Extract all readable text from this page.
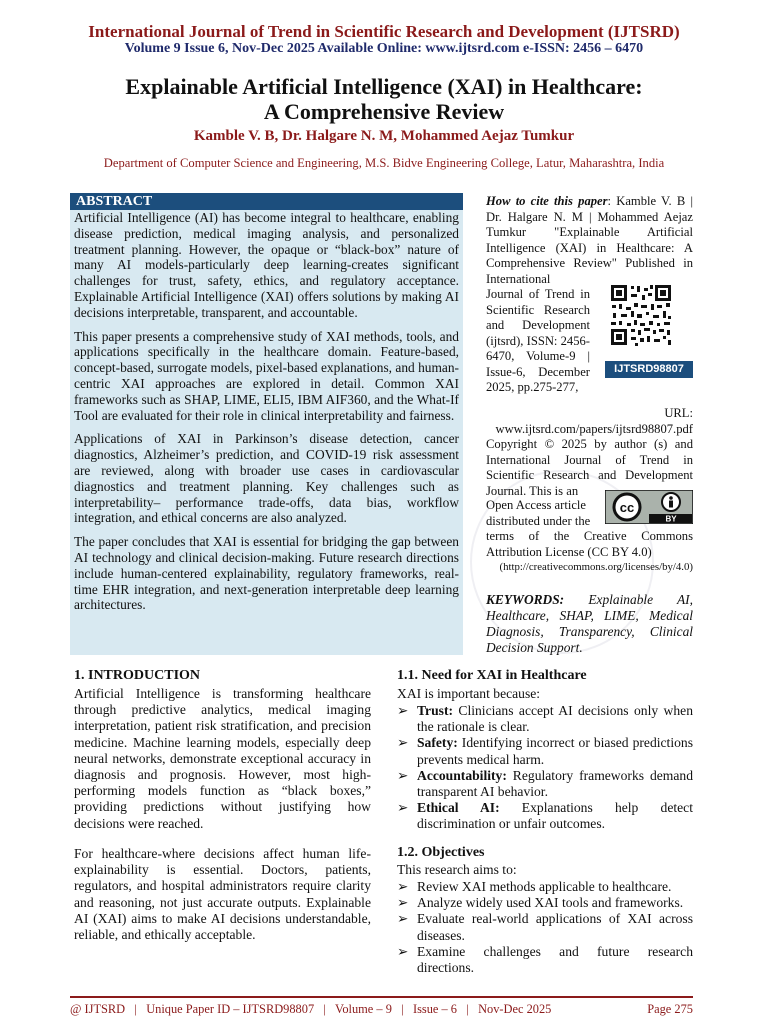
International Journal of Trend in Scientific Research and Development (IJTSRD)
Volume 9 Issue 6, Nov-Dec 2025 Available Online: www.ijtsrd.com e-ISSN: 2456 – 6470
Explainable Artificial Intelligence (XAI) in Healthcare:
A Comprehensive Review
Kamble V. B, Dr. Halgare N. M, Mohammed Aejaz Tumkur
Department of Computer Science and Engineering, M.S. Bidve Engineering College, Latur, Maharashtra, India
ABSTRACT

Artificial Intelligence (AI) has become integral to healthcare, enabling disease prediction, medical imaging analysis, and personalized treatment planning. However, the opaque or “black-box” nature of many AI models-particularly deep learning-creates significant challenges for trust, safety, ethics, and regulatory acceptance. Explainable Artificial Intelligence (XAI) offers solutions by making AI decisions interpretable, transparent, and accountable.

This paper presents a comprehensive study of XAI methods, tools, and applications specifically in the healthcare domain. Feature-based, concept-based, surrogate models, pixel-based explanations, and human-centric XAI approaches are explored in detail. Common XAI frameworks such as SHAP, LIME, ELI5, IBM AIF360, and the What-If Tool are evaluated for their role in clinical interpretability and fairness.

Applications of XAI in Parkinson’s disease detection, cancer diagnostics, Alzheimer’s prediction, and COVID-19 risk assessment are reviewed, along with broader use cases in cardiovascular diagnostics and treatment planning. Key challenges such as interpretability– performance trade-offs, data bias, workflow integration, and ethical concerns are also analyzed.

The paper concludes that XAI is essential for bridging the gap between AI technology and clinical decision-making. Future research directions include human-centered explainability, regulatory frameworks, real-time EHR integration, and next-generation interpretable deep learning architectures.

How to cite this paper: Kamble V. B | Dr. Halgare N. M | Mohammed Aejaz Tumkur "Explainable Artificial Intelligence (XAI) in Healthcare: A Comprehensive Review" Published in International
Journal of Trend in Scientific Research and Development (ijtsrd), ISSN: 2456-6470, Volume-9 | Issue-6, December 2025, pp.275-277,
URL:
www.ijtsrd.com/papers/ijtsrd98807.pdf
IJTSRD98807
Copyright © 2025 by author (s) and International Journal of Trend in Scientific Research and Development Journal. This is an
Open Access article distributed under the
terms of the Creative Commons Attribution License (CC BY 4.0)
(http://creativecommons.org/licenses/by/4.0)
cc
BY
KEYWORDS: Explainable AI, Healthcare, SHAP, LIME, Medical Diagnosis, Transparency, Clinical Decision Support.
1. INTRODUCTION
Artificial Intelligence is transforming healthcare through predictive analytics, medical imaging interpretation, patient risk stratification, and precision medicine. Machine learning models, especially deep neural networks, demonstrate exceptional accuracy in diagnosis and prognosis. However, most high-performing models function as “black boxes,” providing predictions without justifying how decisions were reached.
For healthcare-where decisions affect human life-explainability is essential. Doctors, patients, regulators, and hospital administrators require clarity and reasoning, not just accurate outputs. Explainable AI (XAI) aims to make AI decisions understandable, reliable, and ethically acceptable.
1.1. Need for XAI in Healthcare
XAI is important because:
➢ Trust: Clinicians accept AI decisions only when the rationale is clear.
➢ Safety: Identifying incorrect or biased predictions prevents medical harm.
➢ Accountability: Regulatory frameworks demand transparent AI behavior.
➢ Ethical AI: Explanations help detect discrimination or unfair outcomes.
1.2. Objectives
This research aims to:
➢ Review XAI methods applicable to healthcare.
➢ Analyze widely used XAI tools and frameworks.
➢ Evaluate real-world applications of XAI across diseases.
➢ Examine challenges and future research directions.
@ IJTSRD   |   Unique Paper ID – IJTSRD98807   |   Volume – 9   |   Issue – 6   |   Nov-Dec 2025	Page 275
